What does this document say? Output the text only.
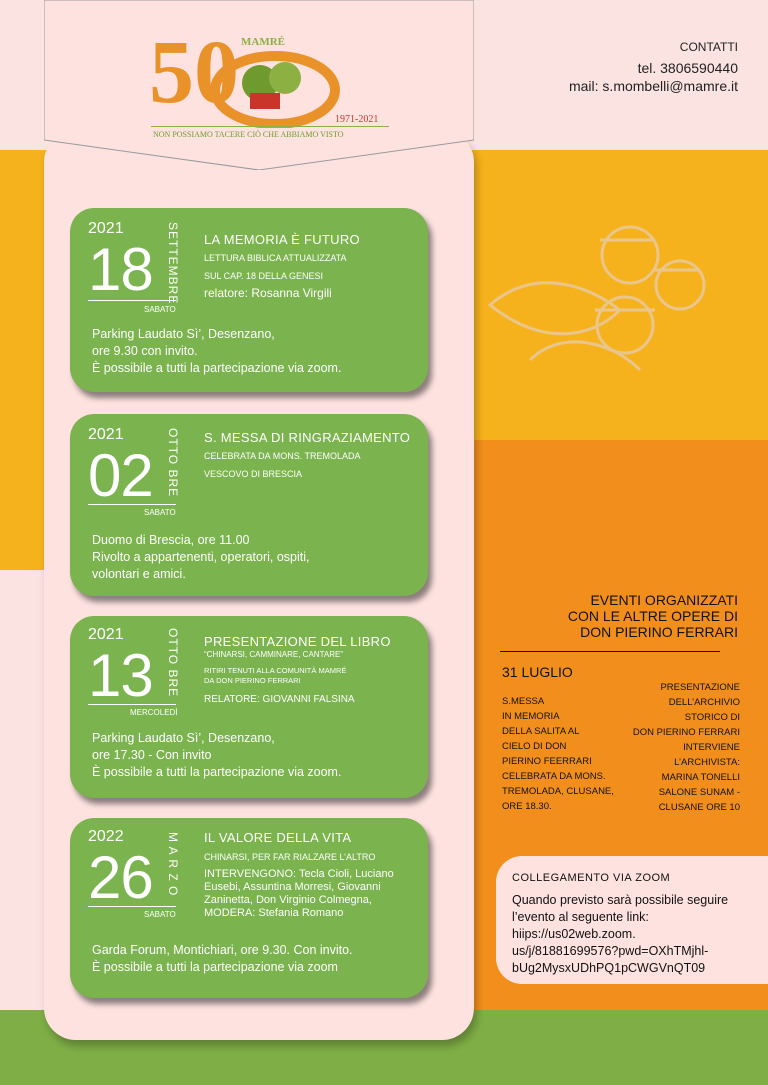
50 MAMRÉ
1971-2021
NON POSSIAMO TACERE CIÒ CHE ABBIAMO VISTO
CONTATTI
tel. 3806590440
mail: s.mombelli@mamre.it
2021
18 SETTEMBRE
SABATO
LA MEMORIA È FUTURO
LETTURA BIBLICA ATTUALIZZATA
SUL CAP. 18 DELLA GENESI
relatore: Rosanna Virgili
Parking Laudato Sì’, Desenzano,
ore 9.30 con invito.
È possibile a tutti la partecipazione via zoom.
2021
02 OTTO BRE
SABATO
S. MESSA DI RINGRAZIAMENTO
CELEBRATA DA MONS. TREMOLADA
VESCOVO DI BRESCIA
Duomo di Brescia, ore 11.00
Rivolto a appartenenti, operatori, ospiti,
volontari e amici.
2021
13 OTTO BRE
MERCOLEDÌ
PRESENTAZIONE DEL LIBRO
“CHINARSI, CAMMINARE, CANTARE”
RITIRI TENUTI ALLA COMUNITÀ MAMRÉ
DA DON PIERINO FERRARI
RELATORE: GIOVANNI FALSINA
Parking Laudato Sì’, Desenzano,
ore 17.30 - Con invito
È possibile a tutti la partecipazione via zoom.
2022
26 M A R Z O
SABATO
IL VALORE DELLA VITA
CHINARSI, PER FAR RIALZARE L’ALTRO
INTERVENGONO: Tecla Cioli, Luciano Eusebi, Assuntina Morresi, Giovanni Zaninetta, Don Virginio Colmegna, MODERA: Stefania Romano
Garda Forum, Montichiari, ore 9.30. Con invito.
È possibile a tutti la partecipazione via zoom
EVENTI ORGANIZZATI
CON LE ALTRE OPERE DI
DON PIERINO FERRARI
31 LUGLIO
S.MESSA
IN MEMORIA
DELLA SALITA AL
CIELO DI DON
PIERINO FEERRARI
CELEBRATA DA MONS.
TREMOLADA, CLUSANE,
ORE 18.30.
PRESENTAZIONE
DELL’ARCHIVIO
STORICO DI
DON PIERINO FERRARI
INTERVIENE
L’ARCHIVISTA:
MARINA TONELLI
SALONE SUNAM -
CLUSANE ORE 10
COLLEGAMENTO VIA ZOOM
Quando previsto sarà possibile seguire
l’evento al seguente link:
hiips://us02web.zoom.
us/j/81881699576?pwd=OXhTMjhl-
bUg2MysxUDhPQ1pCWGVnQT09
